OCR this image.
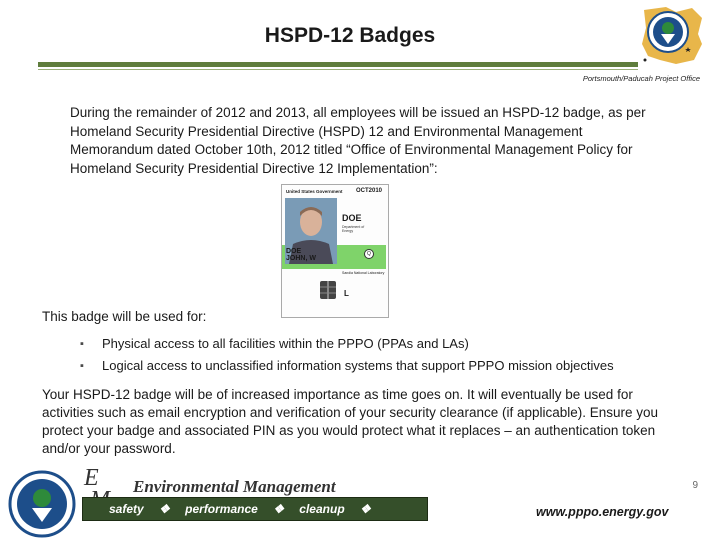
HSPD-12 Badges
Portsmouth/Paducah Project Office
During the remainder of 2012 and 2013, all employees will be issued an HSPD-12 badge, as per Homeland Security Presidential Directive (HSPD) 12 and Environmental Management Memorandum dated October 10th, 2012 titled “Office of Environmental Management Policy for Homeland Security Presidential Directive 12 Implementation”:
United States Government OCT2010
DOE
Department of Energy
DOE
JOHN, W
Q
Sandia National Laboratory
L
This badge will be used for:
▪ Physical access to all facilities within the PPPO (PPAs and LAs)
▪ Logical access to unclassified information systems that support PPPO mission objectives
Your HSPD-12 badge will be of increased importance as time goes on. It will eventually be used for activities such as email encryption and verification of your security clearance (if applicable). Ensure you protect your badge and associated PIN as you would protect what it replaces – an authentication token and/or your password.
9
E	Environmental Management
safety ❖ performance ❖ cleanup ❖ closure
www.pppo.energy.gov
